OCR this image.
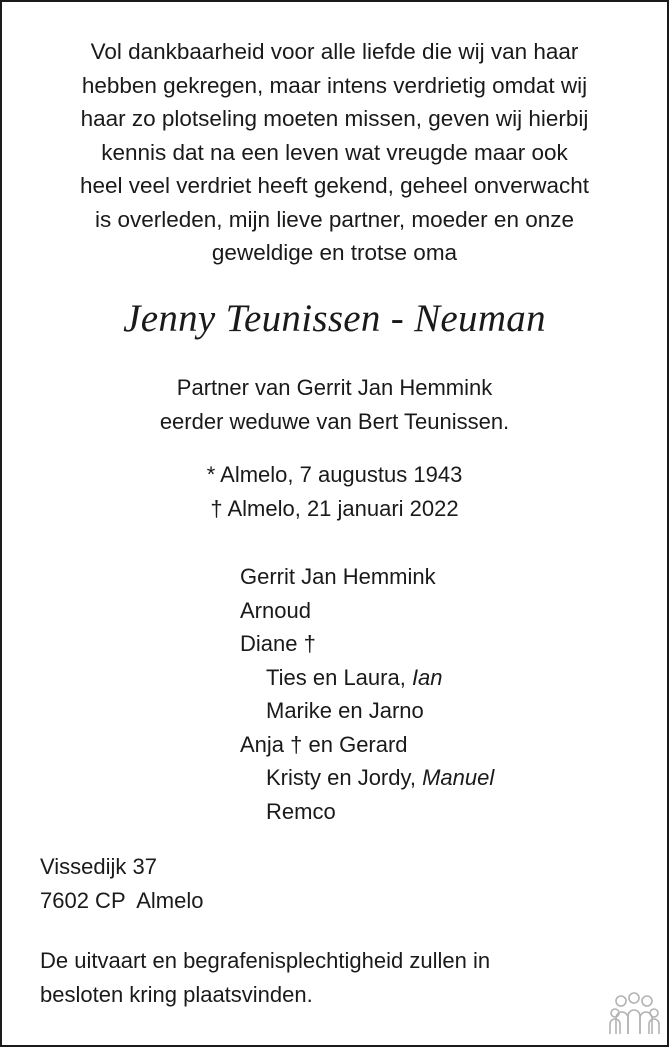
Vol dankbaarheid voor alle liefde die wij van haar
hebben gekregen, maar intens verdrietig omdat wij
haar zo plotseling moeten missen, geven wij hierbij
kennis dat na een leven wat vreugde maar ook
heel veel verdriet heeft gekend, geheel onverwacht
is overleden, mijn lieve partner, moeder en onze
geweldige en trotse oma
Jenny Teunissen - Neuman
Partner van Gerrit Jan Hemmink
eerder weduwe van Bert Teunissen.
* Almelo, 7 augustus 1943
† Almelo, 21 januari 2022
Gerrit Jan Hemmink
Arnoud
Diane †
Ties en Laura, Ian
Marike en Jarno
Anja † en Gerard
Kristy en Jordy, Manuel
Remco
Vissedijk 37
7602 CP  Almelo
De uitvaart en begrafenisplechtigheid zullen in
besloten kring plaatsvinden.
